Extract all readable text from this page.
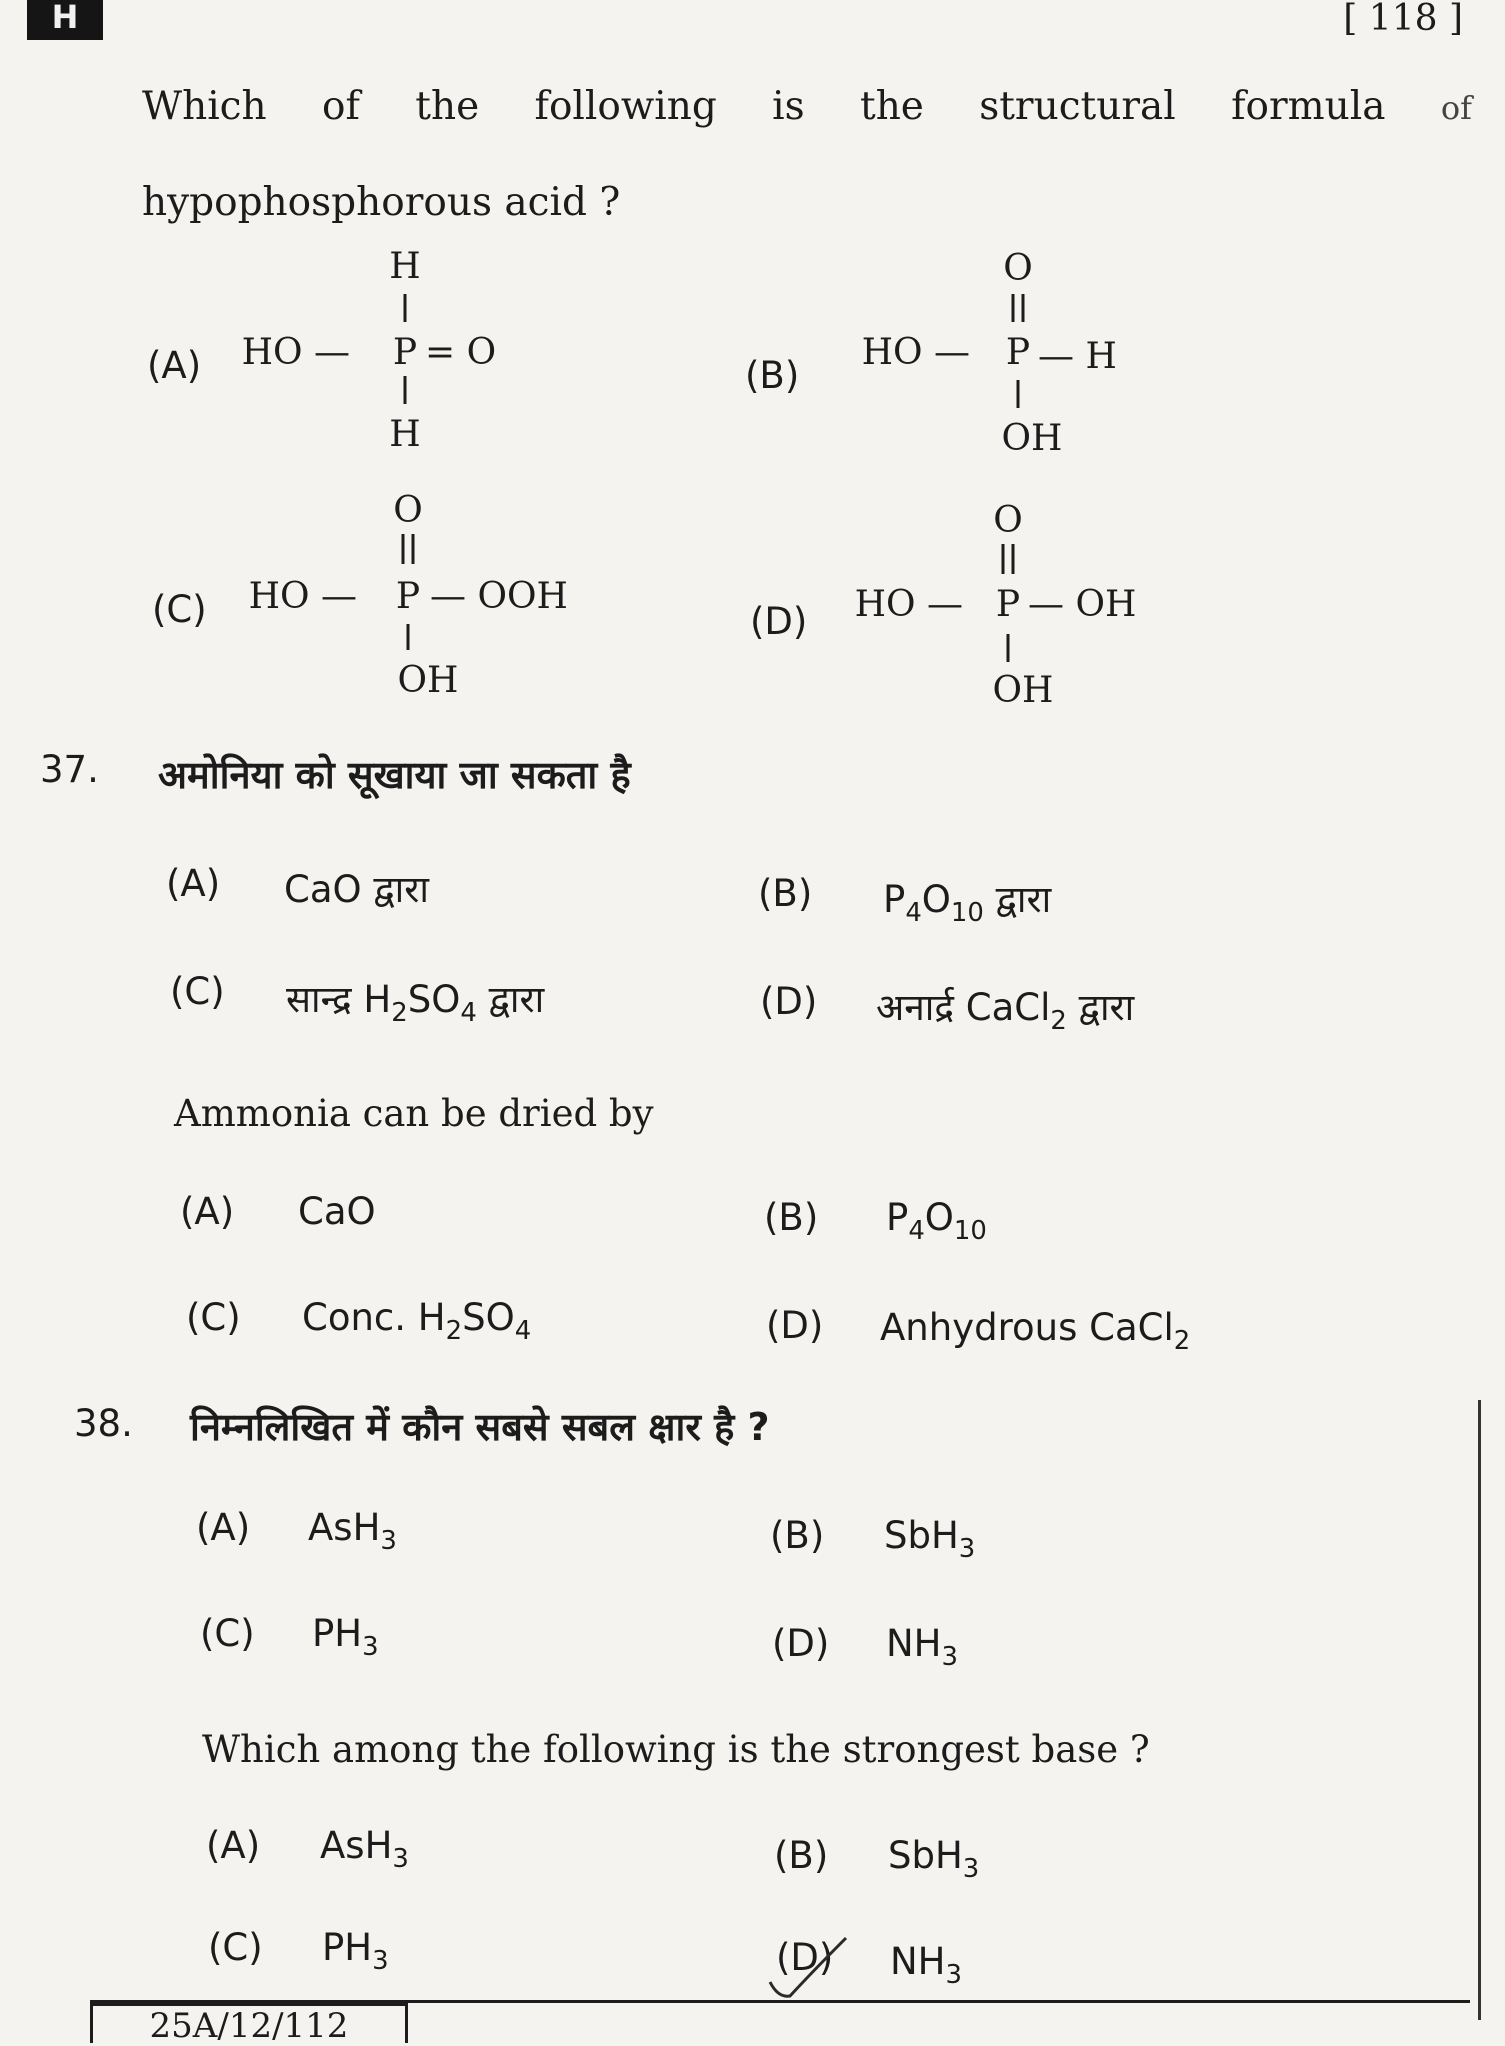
H	[ 118 ]
Which of the following is the structural formula of
hypophosphorous acid ?
(A)	(B)
(C)	(D)
H
HO — P = O
H
O
HO — P — H
OH
O
HO — P — OOH
OH
O
HO — P — OH
OH
37. अमोनिया को सूखाया जा सकता है
(A) CaO द्वारा	(B) $P_4O_{10}$ द्वारा
(C) सान्द्र $H_2SO_4$ द्वारा	(D) अनार्द्र CaCl$_2$ द्वारा
Ammonia can be dried by
(A) CaO	(B) $P_4O_{10}$
(C) Conc. $H_2SO_4$	(D) Anhydrous CaCl$_2$
38. निम्नलिखित में कौन सबसे सबल क्षार है ?
(A) AsH$_3$	(B) SbH$_3$
(C) $PH_3$	(D) $NH_3$
Which among the following is the strongest base ?
(A) AsH$_3$	(B) SbH$_3$
(C) $PH_3$	(D) $NH_3$
25A/12/112
